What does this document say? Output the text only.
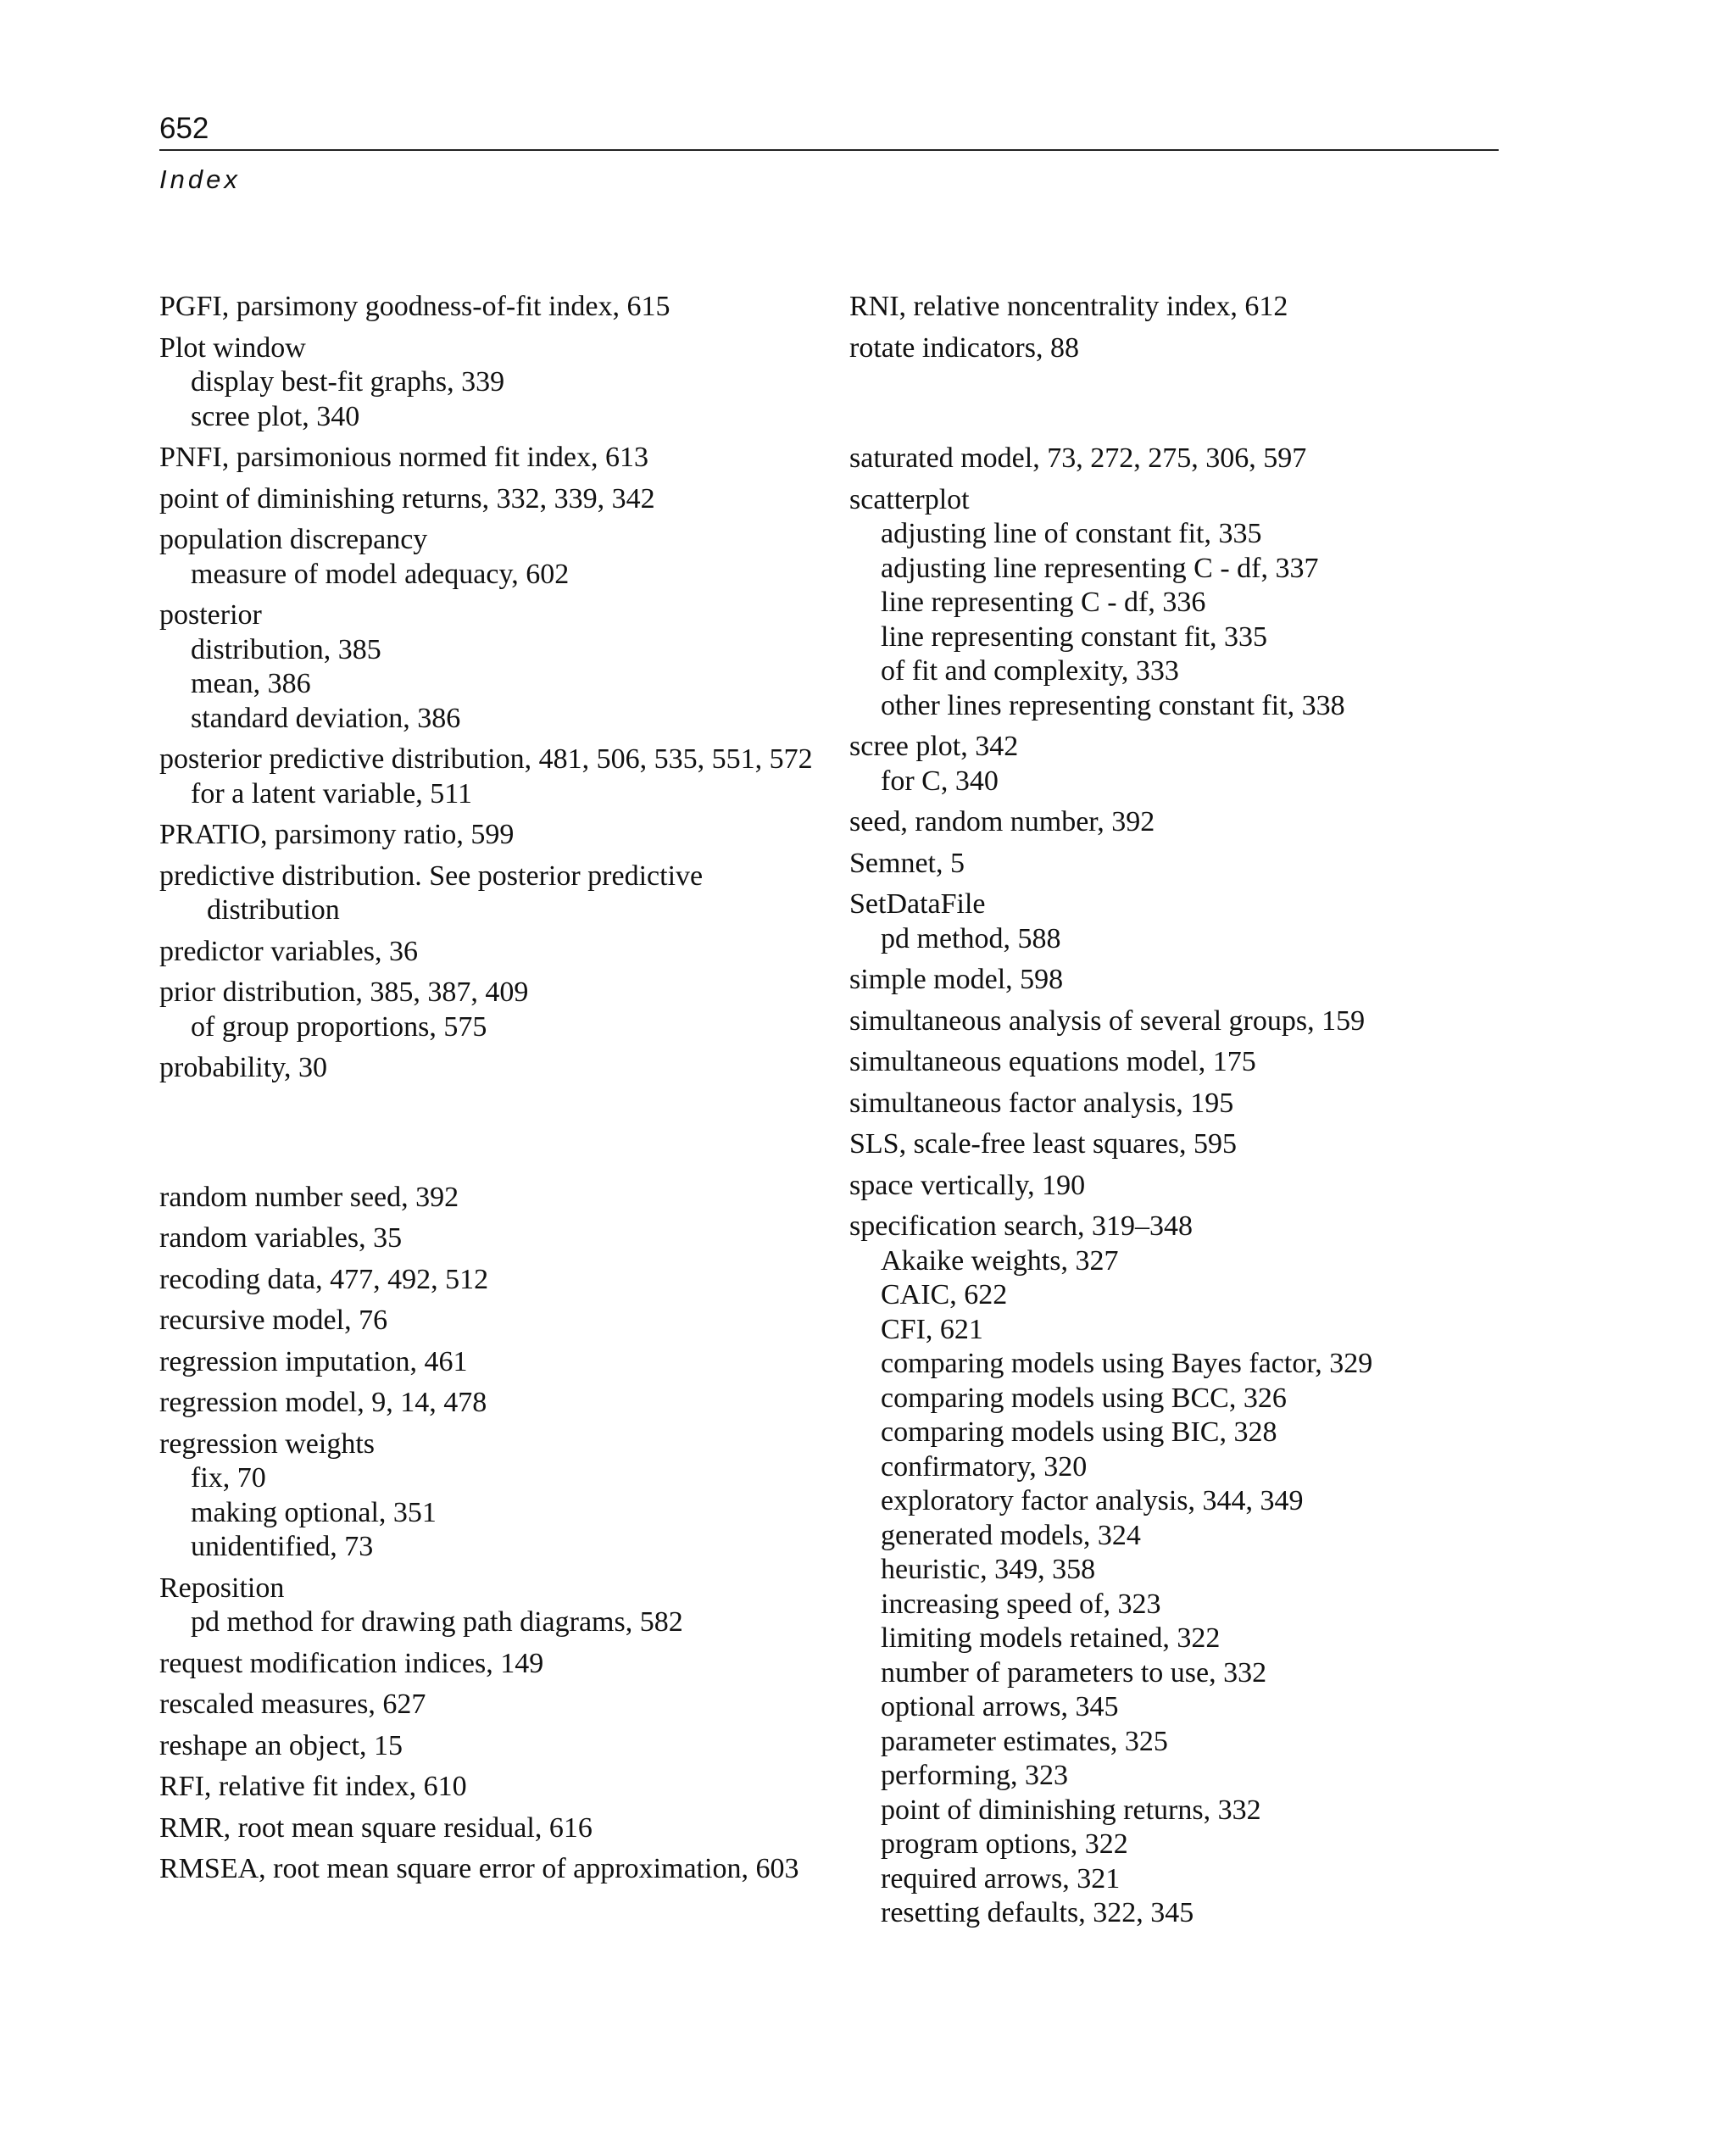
652
Index
PGFI, parsimony goodness-of-fit index, 615
Plot window
display best-fit graphs, 339
scree plot, 340
PNFI, parsimonious normed fit index, 613
point of diminishing returns, 332, 339, 342
population discrepancy
measure of model adequacy, 602
posterior
distribution, 385
mean, 386
standard deviation, 386
posterior predictive distribution, 481, 506, 535, 551, 572
for a latent variable, 511
PRATIO, parsimony ratio, 599
predictive distribution. See posterior predictive distribution
predictor variables, 36
prior distribution, 385, 387, 409
of group proportions, 575
probability, 30
random number seed, 392
random variables, 35
recoding data, 477, 492, 512
recursive model, 76
regression imputation, 461
regression model, 9, 14, 478
regression weights
fix, 70
making optional, 351
unidentified, 73
Reposition
pd method for drawing path diagrams, 582
request modification indices, 149
rescaled measures, 627
reshape an object, 15
RFI, relative fit index, 610
RMR, root mean square residual, 616
RMSEA, root mean square error of approximation, 603
RNI, relative noncentrality index, 612
rotate indicators, 88
saturated model, 73, 272, 275, 306, 597
scatterplot
adjusting line of constant fit, 335
adjusting line representing C - df, 337
line representing C - df, 336
line representing constant fit, 335
of fit and complexity, 333
other lines representing constant fit, 338
scree plot, 342
for C, 340
seed, random number, 392
Semnet, 5
SetDataFile
pd method, 588
simple model, 598
simultaneous analysis of several groups, 159
simultaneous equations model, 175
simultaneous factor analysis, 195
SLS, scale-free least squares, 595
space vertically, 190
specification search, 319–348
Akaike weights, 327
CAIC, 622
CFI, 621
comparing models using Bayes factor, 329
comparing models using BCC, 326
comparing models using BIC, 328
confirmatory, 320
exploratory factor analysis, 344, 349
generated models, 324
heuristic, 349, 358
increasing speed of, 323
limiting models retained, 322
number of parameters to use, 332
optional arrows, 345
parameter estimates, 325
performing, 323
point of diminishing returns, 332
program options, 322
required arrows, 321
resetting defaults, 322, 345
